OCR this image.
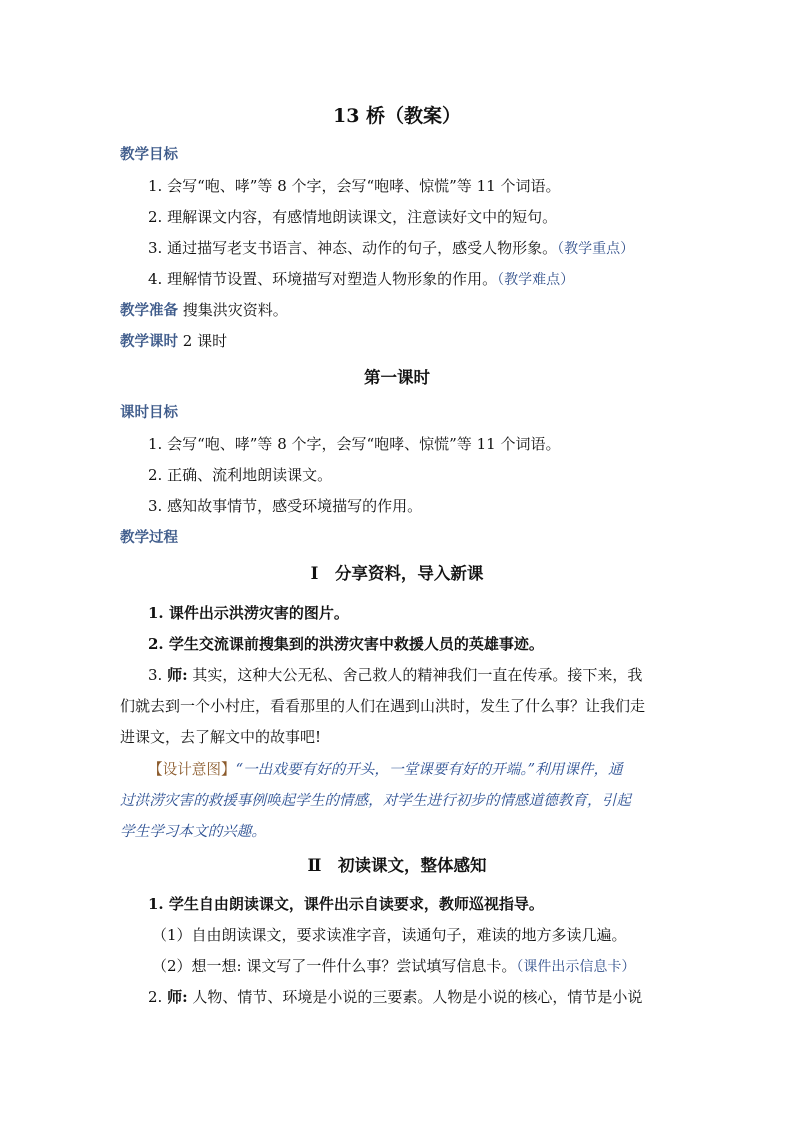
13 桥（教案）
教学目标
1. 会写“咆、哮”等 8 个字，会写“咆哮、惊慌”等 11 个词语。
2. 理解课文内容，有感情地朗读课文，注意读好文中的短句。
3. 通过描写老支书语言、神态、动作的句子，感受人物形象。（教学重点）
4. 理解情节设置、环境描写对塑造人物形象的作用。（教学难点）
教学准备 搜集洪灾资料。
教学课时 2 课时
第一课时
课时目标
1. 会写“咆、哮”等 8 个字，会写“咆哮、惊慌”等 11 个词语。
2. 正确、流利地朗读课文。
3. 感知故事情节，感受环境描写的作用。
教学过程
Ⅰ　分享资料，导入新课
1. 课件出示洪涝灾害的图片。
2. 学生交流课前搜集到的洪涝灾害中救援人员的英雄事迹。
3. 师: 其实，这种大公无私、舍己救人的精神我们一直在传承。接下来，我
们就去到一个小村庄，看看那里的人们在遇到山洪时，发生了什么事？让我们走
进课文，去了解文中的故事吧!
【设计意图】“一出戏要有好的开头，一堂课要有好的开端。”利用课件，通
过洪涝灾害的救援事例唤起学生的情感，对学生进行初步的情感道德教育，引起
学生学习本文的兴趣。
Ⅱ　初读课文，整体感知
1. 学生自由朗读课文，课件出示自读要求，教师巡视指导。
（1）自由朗读课文，要求读准字音，读通句子，难读的地方多读几遍。
（2）想一想: 课文写了一件什么事？尝试填写信息卡。（课件出示信息卡）
2. 师: 人物、情节、环境是小说的三要素。人物是小说的核心，情节是小说
